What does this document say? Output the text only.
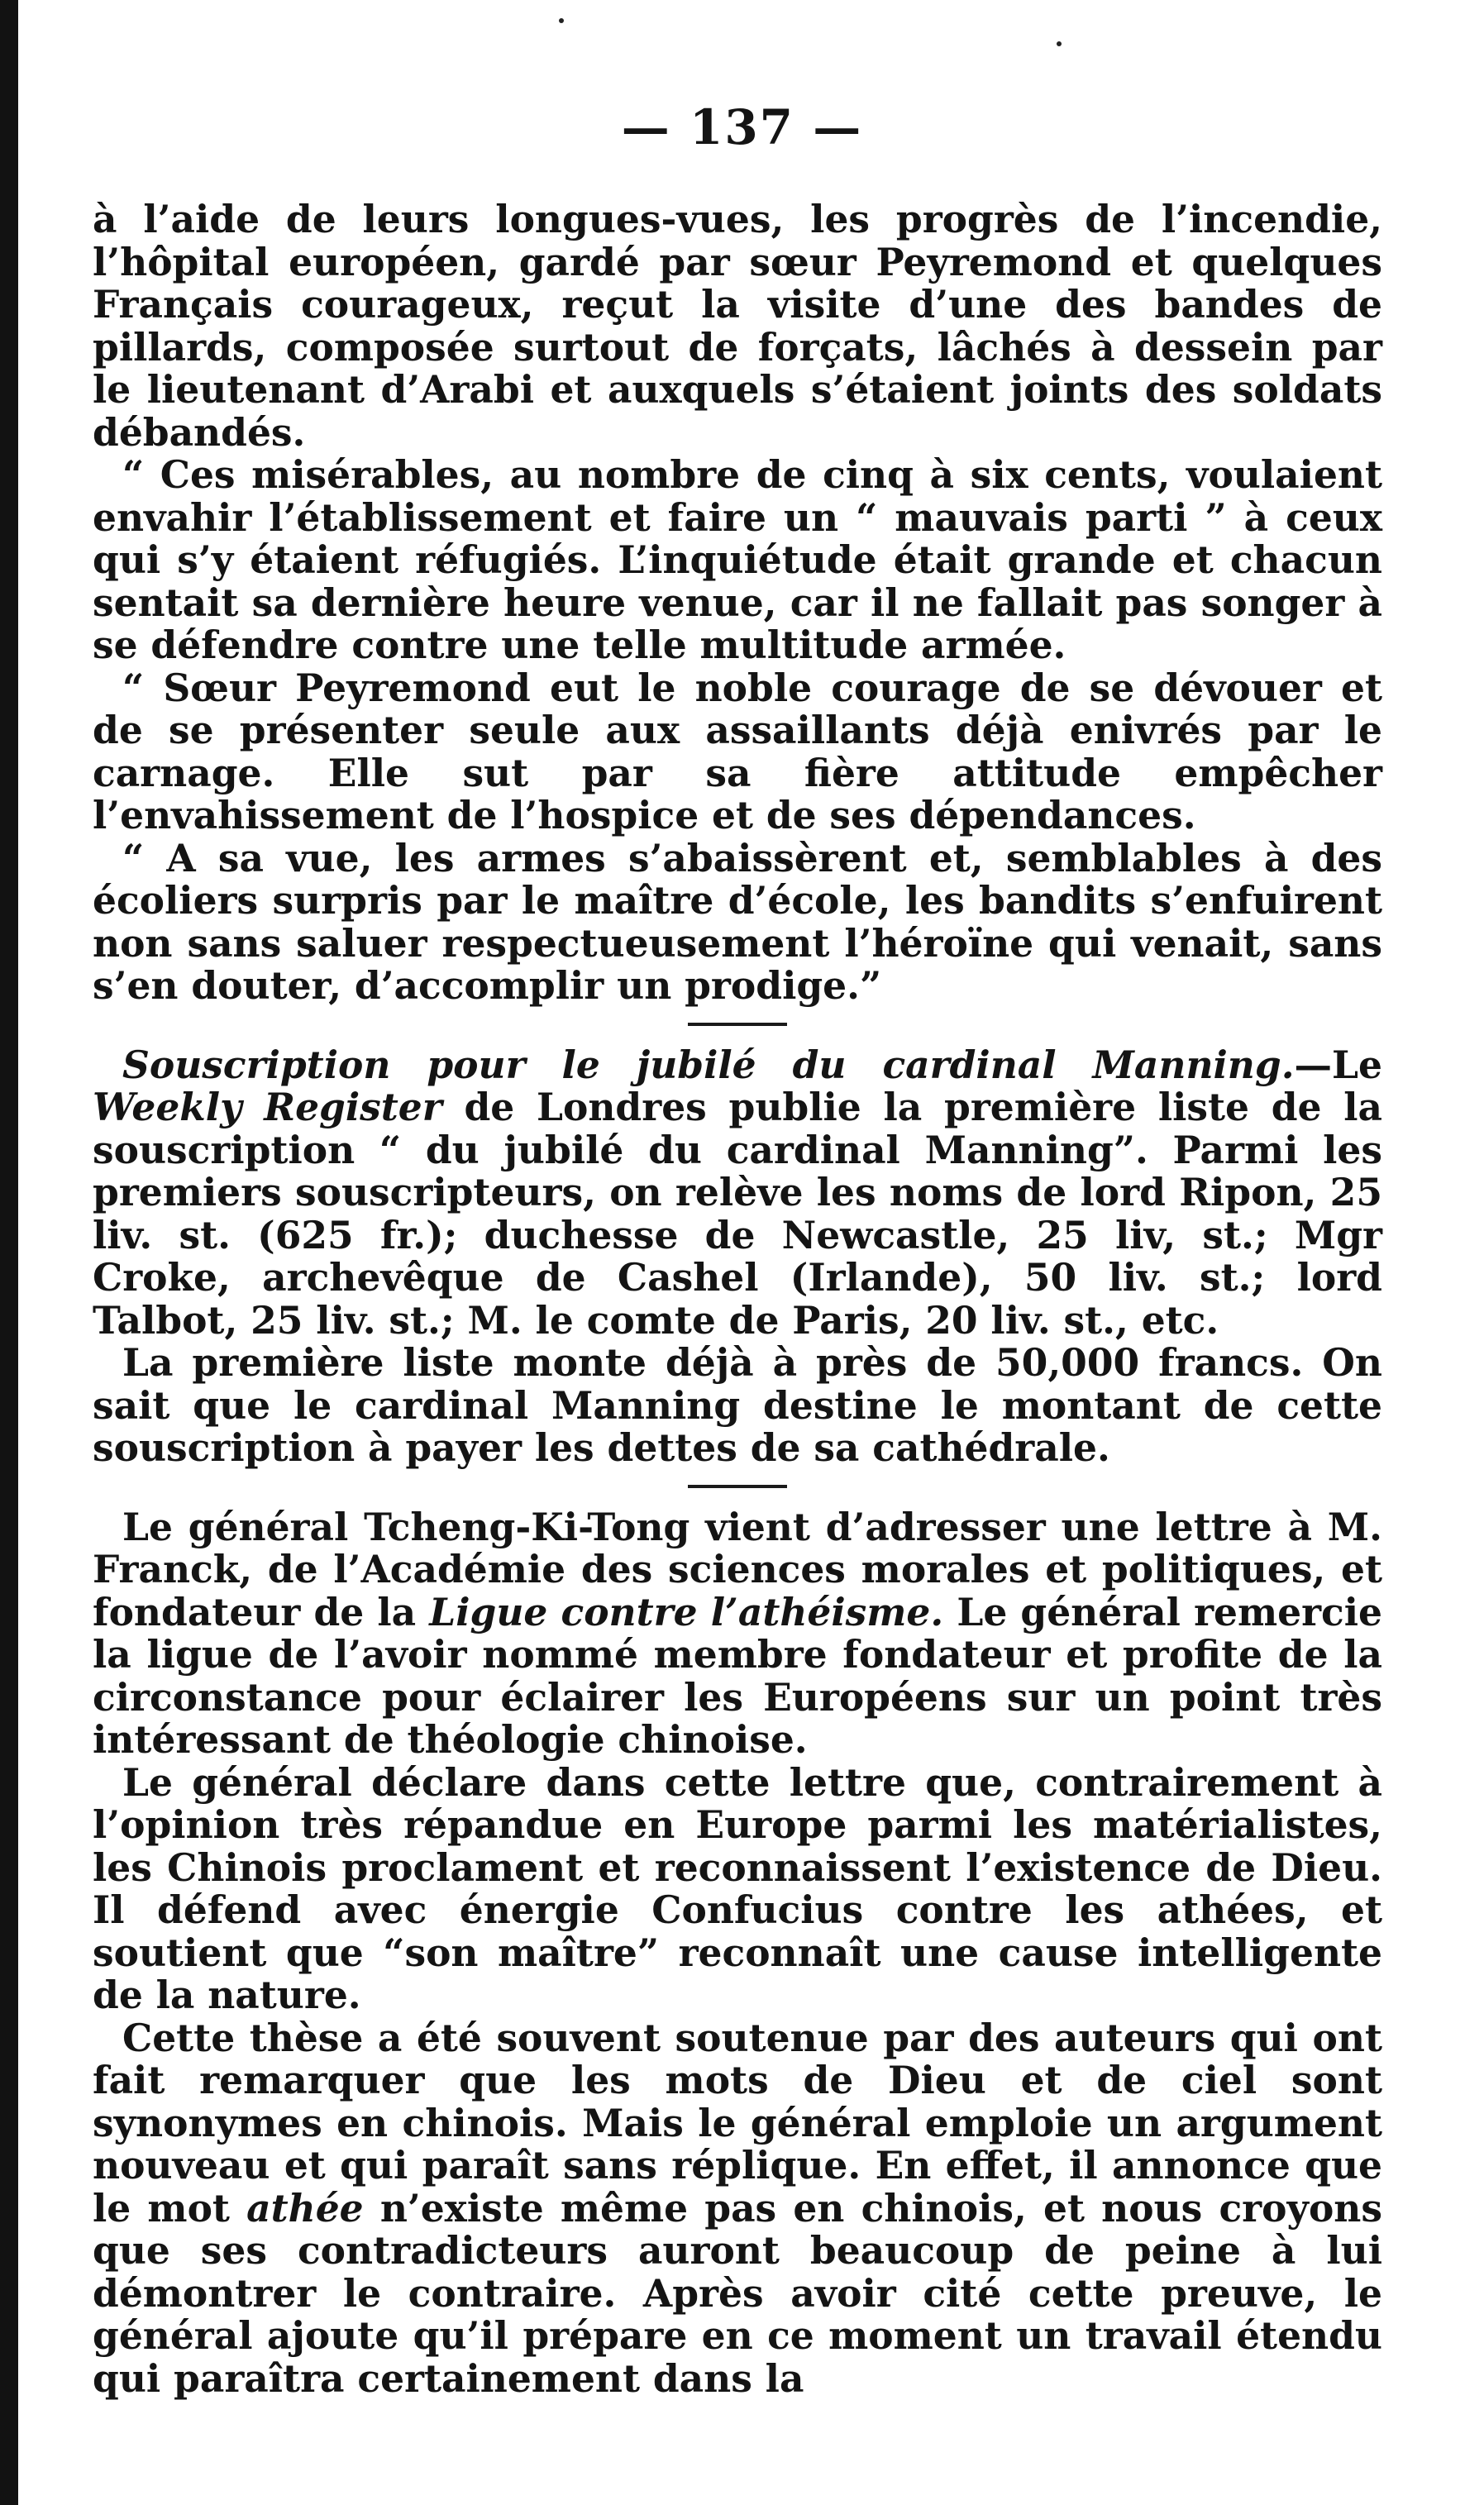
— 137 —

à l’aide de leurs longues-vues, les progrès de l’incendie, l’hôpital européen, gardé par sœur Peyremond et quelques Français courageux, reçut la visite d’une des bandes de pillards, composée surtout de forçats, lâchés à dessein par le lieutenant d’Arabi et auxquels s’étaient joints des soldats débandés.

“ Ces misérables, au nombre de cinq à six cents, voulaient envahir l’établissement et faire un “ mauvais parti ” à ceux qui s’y étaient réfugiés. L’inquiétude était grande et chacun sentait sa dernière heure venue, car il ne fallait pas songer à se défendre contre une telle multitude armée.

“ Sœur Peyremond eut le noble courage de se dévouer et de se présenter seule aux assaillants déjà enivrés par le carnage. Elle sut par sa fière attitude empêcher l’envahissement de l’hospice et de ses dépendances.

“ A sa vue, les armes s’abaissèrent et, semblables à des écoliers surpris par le maître d’école, les bandits s’enfuirent non sans saluer respectueusement l’héroïne qui venait, sans s’en douter, d’accomplir un prodige.”

Souscription pour le jubilé du cardinal Manning.—Le Weekly Register de Londres publie la première liste de la souscription “ du jubilé du cardinal Manning”. Parmi les premiers souscripteurs, on relève les noms de lord Ripon, 25 liv. st. (625 fr.); duchesse de Newcastle, 25 liv, st.; Mgr Croke, archevêque de Cashel (Irlande), 50 liv. st.; lord Talbot, 25 liv. st.; M. le comte de Paris, 20 liv. st., etc.

La première liste monte déjà à près de 50,000 francs. On sait que le cardinal Manning destine le montant de cette souscription à payer les dettes de sa cathédrale.

Le général Tcheng-Ki-Tong vient d’adresser une lettre à M. Franck, de l’Académie des sciences morales et politiques, et fondateur de la Ligue contre l’athéisme. Le général remercie la ligue de l’avoir nommé membre fondateur et profite de la circonstance pour éclairer les Européens sur un point très intéressant de théologie chinoise.

Le général déclare dans cette lettre que, contrairement à l’opinion très répandue en Europe parmi les matérialistes, les Chinois proclament et reconnaissent l’existence de Dieu. Il défend avec énergie Confucius contre les athées, et soutient que “son maître” reconnaît une cause intelligente de la nature.

Cette thèse a été souvent soutenue par des auteurs qui ont fait remarquer que les mots de Dieu et de ciel sont synonymes en chinois. Mais le général emploie un argument nouveau et qui paraît sans réplique. En effet, il annonce que le mot athée n’existe même pas en chinois, et nous croyons que ses contradicteurs auront beaucoup de peine à lui démontrer le contraire. Après avoir cité cette preuve, le général ajoute qu’il prépare en ce moment un travail étendu qui paraîtra certainement dans la
